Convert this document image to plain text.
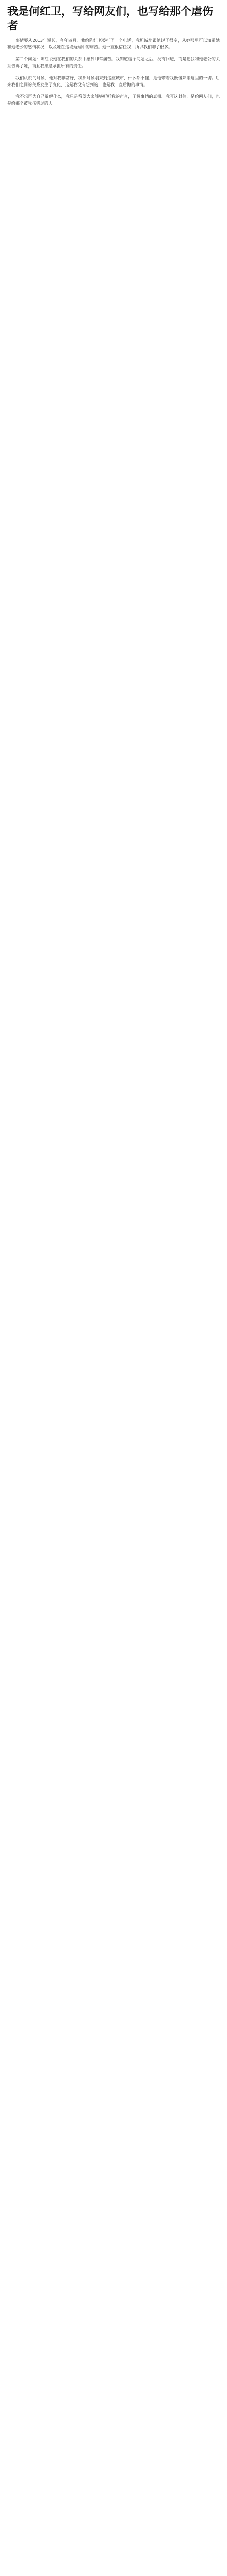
我是何红卫，写给网友们，也写给那个虐伤者

事情要从2013年说起，今年四月，我给陈红老婆打了一个电话，我坦诚地跟她说了很多，从她那里可以知道她和她老公的感情状况，以及她在这段婚姻中的痛苦。她一直很信任我，所以我们聊了很多。

第二个问题：陈红说她在我们的关系中感到非常痛苦。我知道这个问题之后，没有回避，而是把我和她老公的关系告诉了她，而且我愿意承担所有的责任。

我们认识的时候，他对我非常好，我那时候刚来到这座城市，什么都不懂，是他带着我慢慢熟悉这里的一切。后来我们之间的关系发生了变化，这是我没有想到的，也是我一直后悔的事情。

我不想再为自己辩解什么，我只是希望大家能够听听我的声音，了解事情的真相。我写这封信，是给网友们，也是给那个被我伤害过的人。
